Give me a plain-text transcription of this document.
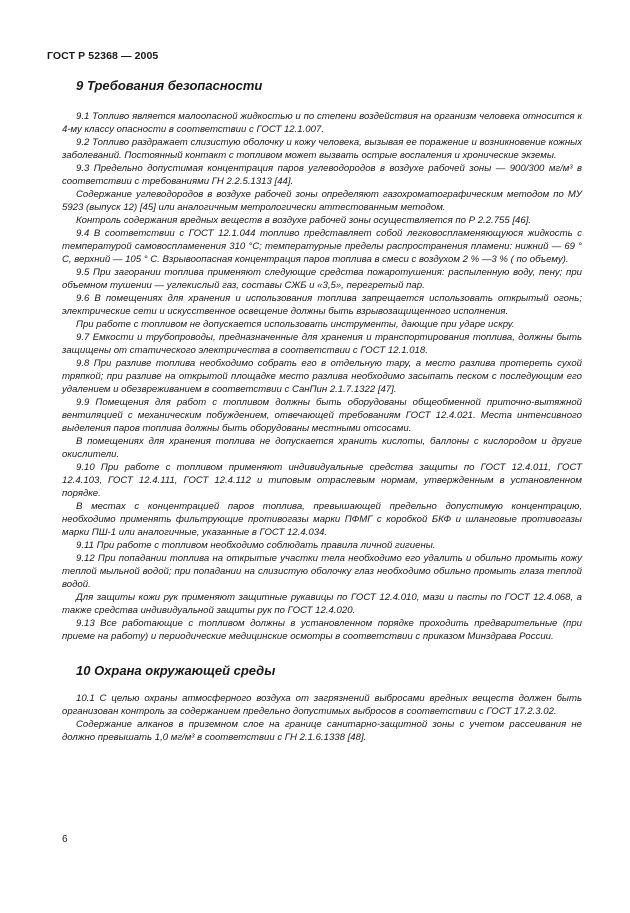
ГОСТ Р 52368 — 2005
9 Требования безопасности

9.1 Топливо является малоопасной жидкостью и по степени воздействия на организм человека относится к 4-му классу опасности в соответствии с ГОСТ 12.1.007.

9.2 Топливо раздражает слизистую оболочку и кожу человека, вызывая ее поражение и возникновение кожных заболеваний. Постоянный контакт с топливом может вызвать острые воспаления и хронические экземы.

9.3 Предельно допустимая концентрация паров углеводородов в воздухе рабочей зоны — 900/300 мг/м³ в соответствии с требованиями ГН 2.2.5.1313 [44].

Содержание углеводородов в воздухе рабочей зоны определяют газохроматографическим методом по МУ 5923 (выпуск 12) [45] или аналогичным метрологически аттестованным методом.

Контроль содержания вредных веществ в воздухе рабочей зоны осуществляется по Р 2.2.755 [46].

9.4 В соответствии с ГОСТ 12.1.044 топливо представляет собой легковоспламеняющуюся жидкость с температурой самовоспламенения 310 °С; температурные пределы распространения пламени: нижний — 69 ° С, верхний — 105 ° С. Взрывоопасная концентрация паров топлива в смеси с воздухом 2 % —3 % ( по объему).

9.5 При загорании топлива применяют следующие средства пожаротушения: распыленную воду, пену; при объемном тушении — углекислый газ, составы СЖБ и «3,5», перегретый пар.

9.6 В помещениях для хранения и использования топлива запрещается использовать открытый огонь; электрические сети и искусственное освещение должны быть взрывозащищенного исполнения.

При работе с топливом не допускается использовать инструменты, дающие при ударе искру.

9.7 Емкости и трубопроводы, предназначенные для хранения и транспортирования топлива, должны быть защищены от статического электричества в соответствии с ГОСТ 12.1.018.

9.8 При разливе топлива необходимо собрать его в отдельную тару, а место разлива протереть сухой тряпкой; при разливе на открытой площадке место разлива необходимо засыпать песком с последующим его удалением и обезвреживанием в соответствии с СанПин 2.1.7.1322 [47].

9.9 Помещения для работ с топливом должны быть оборудованы общеобменной приточно-вытяжной вентиляцией с механическим побуждением, отвечающей требованиям ГОСТ 12.4.021. Места интенсивного выделения паров топлива должны быть оборудованы местными отсосами.

В помещениях для хранения топлива не допускается хранить кислоты, баллоны с кислородом и другие окислители.

9.10 При работе с топливом применяют индивидуальные средства защиты по ГОСТ 12.4.011, ГОСТ 12.4.103, ГОСТ 12.4.111, ГОСТ 12.4.112 и типовым отраслевым нормам, утвержденным в установленном порядке.

В местах с концентрацией паров топлива, превышающей предельно допустимую концентрацию, необходимо применять фильтрующие противогазы марки ПФМГ с коробкой БКФ и шланговые противогазы марки ПШ-1 или аналогичные, указанные в ГОСТ 12.4.034.

9.11 При работе с топливом необходимо соблюдать правила личной гигиены.

9.12 При попадании топлива на открытые участки тела необходимо его удалить и обильно промыть кожу теплой мыльной водой; при попадании на слизистую оболочку глаз необходимо обильно промыть глаза теплой водой.

Для защиты кожи рук применяют защитные рукавицы по ГОСТ 12.4.010, мази и пасты по ГОСТ 12.4.068, а также средства индивидуальной защиты рук по ГОСТ 12.4.020.

9.13 Все работающие с топливом должны в установленном порядке проходить предварительные (при приеме на работу) и периодические медицинские осмотры в соответствии с приказом Минздрава России.

10 Охрана окружающей среды

10.1 С целью охраны атмосферного воздуха от загрязнений выбросами вредных веществ должен быть организован контроль за содержанием предельно допустимых выбросов в соответствии с ГОСТ 17.2.3.02.

Содержание алканов в приземном слое на границе санитарно-защитной зоны с учетом рассеивания не должно превышать 1,0 мг/м³ в соответствии с ГН 2.1.6.1338 [48].

6
